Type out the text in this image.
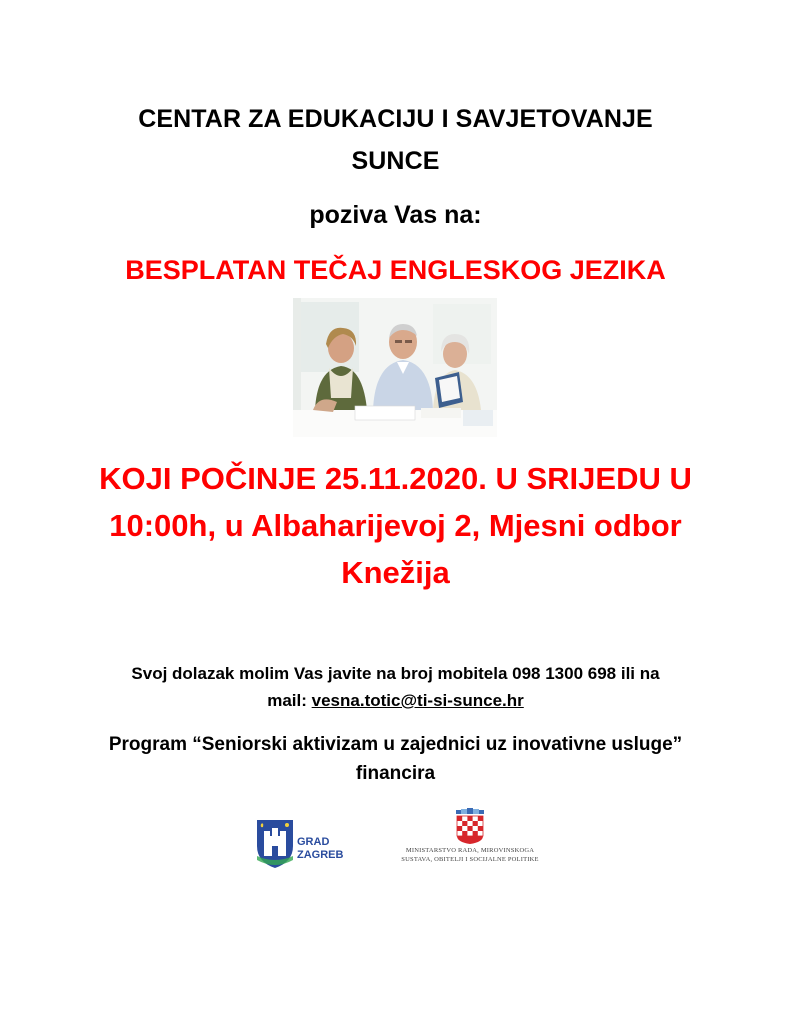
CENTAR ZA EDUKACIJU I SAVJETOVANJE
SUNCE
poziva Vas na:
BESPLATAN TEČAJ ENGLESKOG JEZIKA
KOJI POČINJE 25.11.2020. U SRIJEDU U
10:00h, u Albaharijevoj 2, Mjesni odbor
Knežija
Svoj dolazak molim Vas javite na broj mobitela 098 1300 698 ili na
mail: vesna.totic@ti-si-sunce.hr
Program “Seniorski aktivizam u zajednici uz inovativne usluge”
financira
GRAD
ZAGREB	MINISTARSTVO RADA, MIROVINSKOGA
SUSTAVA, OBITELJI I SOCIJALNE POLITIKE
